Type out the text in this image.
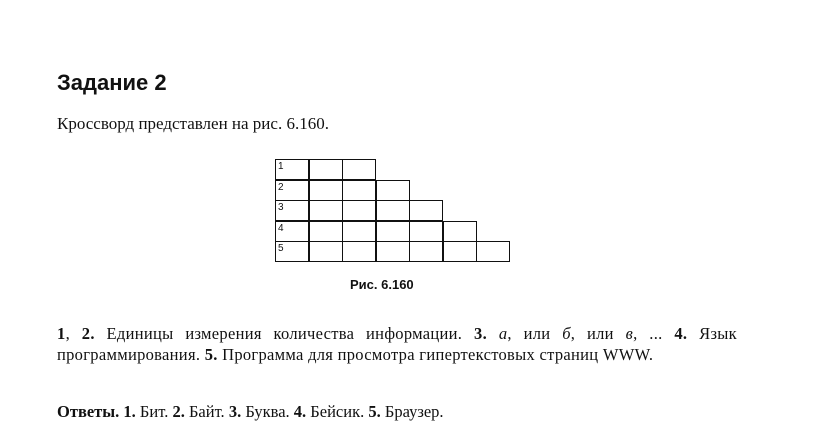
Задание 2
Кроссворд представлен на рис. 6.160.
1
2
3
4
5
Рис. 6.160
1, 2. Единицы измерения количества информации. 3. а, или б, или в, ... 4. Язык программирования. 5. Программа для просмотра гипертекстовых страниц WWW.
Ответы. 1. Бит. 2. Байт. 3. Буква. 4. Бейсик. 5. Браузер.
